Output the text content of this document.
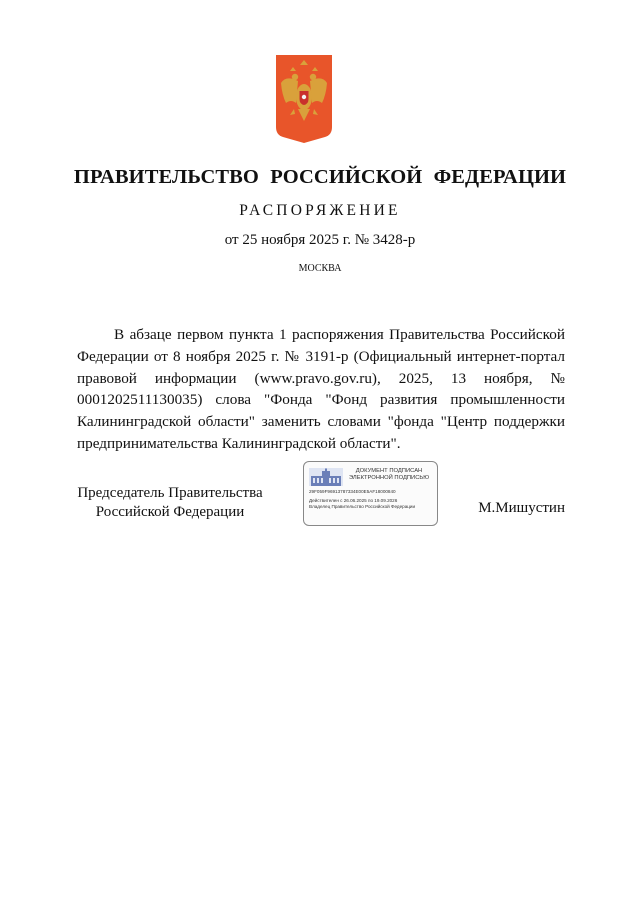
ПРАВИТЕЛЬСТВО РОССИЙСКОЙ ФЕДЕРАЦИИ
РАСПОРЯЖЕНИЕ
от 25 ноября 2025 г. № 3428-р
МОСКВА

В абзаце первом пункта 1 распоряжения Правительства Российской Федерации от 8 ноября 2025 г. № 3191-р (Официальный интернет-портал правовой информации (www.pravo.gov.ru), 2025, 13 ноября, № 0001202511130035) слова "Фонда "Фонд развития промышленности Калининградской области" заменить словами "фонда "Центр поддержки предпринимательства Калининградской области".

Председатель Правительства Российской Федерации
ДОКУМЕНТ ПОДПИСАН ЭЛЕКТРОННОЙ ПОДПИСЬЮ
29F059F96913787334E00E5AF18000840
Действителен с 26.06.2025 по 19.09.2026
Владелец Правительство Российской Федерации	М.Мишустин
